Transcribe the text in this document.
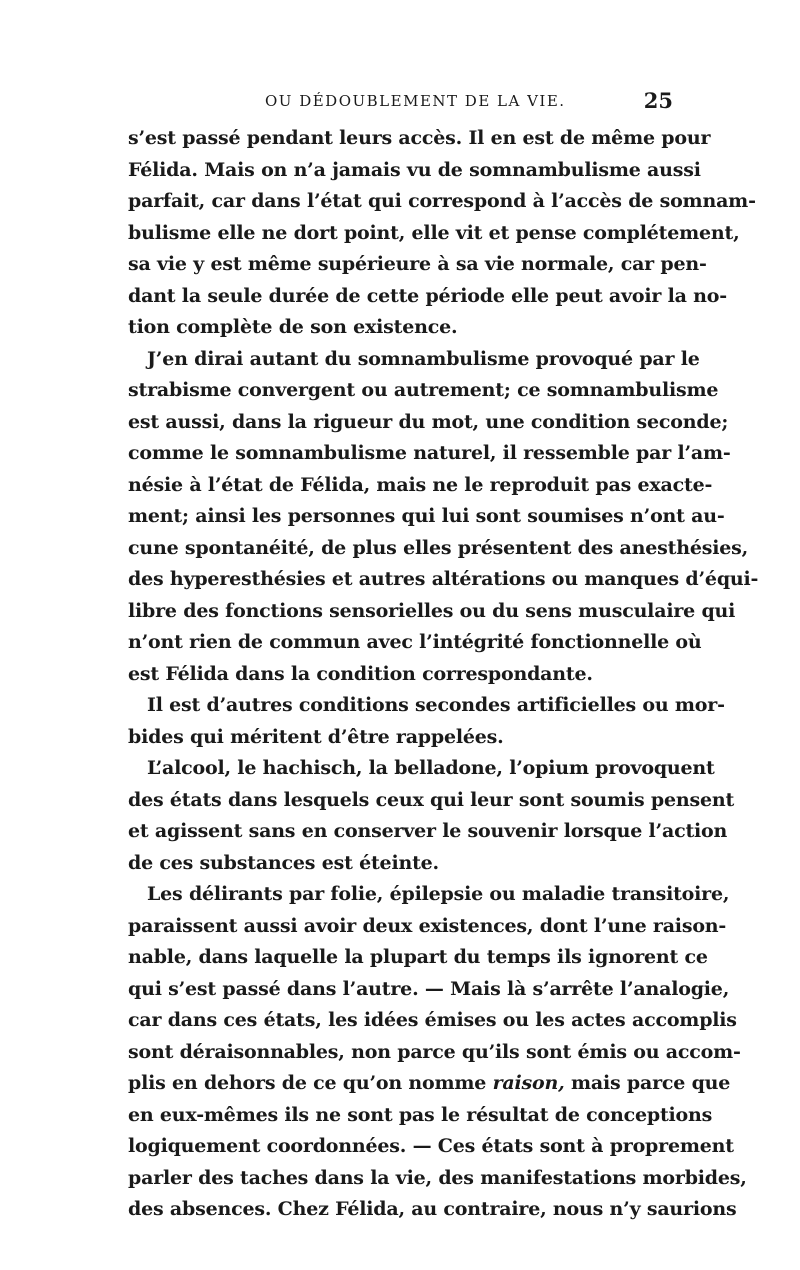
OU DÉDOUBLEMENT DE LA VIE.	25
s’est passé pendant leurs accès. Il en est de même pour
Félida. Mais on n’a jamais vu de somnambulisme aussi
parfait, car dans l’état qui correspond à l’accès de somnam-
bulisme elle ne dort point, elle vit et pense complétement,
sa vie y est même supérieure à sa vie normale, car pen-
dant la seule durée de cette période elle peut avoir la no-
tion complète de son existence.
J’en dirai autant du somnambulisme provoqué par le
strabisme convergent ou autrement; ce somnambulisme
est aussi, dans la rigueur du mot, une condition seconde;
comme le somnambulisme naturel, il ressemble par l’am-
nésie à l’état de Félida, mais ne le reproduit pas exacte-
ment; ainsi les personnes qui lui sont soumises n’ont au-
cune spontanéité, de plus elles présentent des anesthésies,
des hyperesthésies et autres altérations ou manques d’équi-
libre des fonctions sensorielles ou du sens musculaire qui
n’ont rien de commun avec l’intégrité fonctionnelle où
est Félida dans la condition correspondante.
Il est d’autres conditions secondes artificielles ou mor-
bides qui méritent d’être rappelées.
L’alcool, le hachisch, la belladone, l’opium provoquent
des états dans lesquels ceux qui leur sont soumis pensent
et agissent sans en conserver le souvenir lorsque l’action
de ces substances est éteinte.
Les délirants par folie, épilepsie ou maladie transitoire,
paraissent aussi avoir deux existences, dont l’une raison-
nable, dans laquelle la plupart du temps ils ignorent ce
qui s’est passé dans l’autre. — Mais là s’arrête l’analogie,
car dans ces états, les idées émises ou les actes accomplis
sont déraisonnables, non parce qu’ils sont émis ou accom-
plis en dehors de ce qu’on nomme raison, mais parce que
en eux-mêmes ils ne sont pas le résultat de conceptions
logiquement coordonnées. — Ces états sont à proprement
parler des taches dans la vie, des manifestations morbides,
des absences. Chez Félida, au contraire, nous n’y saurions
